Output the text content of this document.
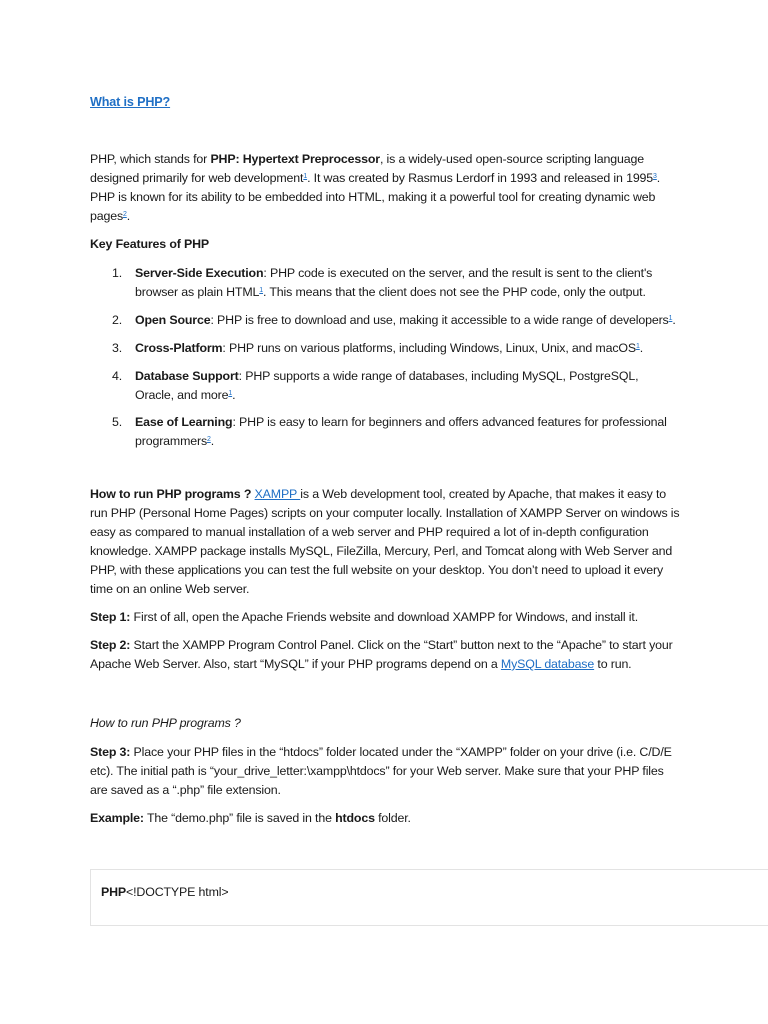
What is PHP?

PHP, which stands for PHP: Hypertext Preprocessor, is a widely-used open-source scripting language designed primarily for web development$^1$. It was created by Rasmus Lerdorf in 1993 and released in 1995$^3$. PHP is known for its ability to be embedded into HTML, making it a powerful tool for creating dynamic web pages$^2$.

Key Features of PHP

1. Server-Side Execution: PHP code is executed on the server, and the result is sent to the client's browser as plain HTML$^1$. This means that the client does not see the PHP code, only the output.
2. Open Source: PHP is free to download and use, making it accessible to a wide range of developers$^1$.
3. Cross-Platform: PHP runs on various platforms, including Windows, Linux, Unix, and macOS$^1$.
4. Database Support: PHP supports a wide range of databases, including MySQL, PostgreSQL, Oracle, and more$^1$.
5. Ease of Learning: PHP is easy to learn for beginners and offers advanced features for professional programmers$^2$.

How to run PHP programs ? XAMPP is a Web development tool, created by Apache, that makes it easy to run PHP (Personal Home Pages) scripts on your computer locally. Installation of XAMPP Server on windows is easy as compared to manual installation of a web server and PHP required a lot of in-depth configuration knowledge. XAMPP package installs MySQL, FileZilla, Mercury, Perl, and Tomcat along with Web Server and PHP, with these applications you can test the full website on your desktop. You don’t need to upload it every time on an online Web server.

Step 1: First of all, open the Apache Friends website and download XAMPP for Windows, and install it.

Step 2: Start the XAMPP Program Control Panel. Click on the “Start” button next to the “Apache” to start your Apache Web Server. Also, start “MySQL” if your PHP programs depend on a MySQL database to run.

How to run PHP programs ?

Step 3: Place your PHP files in the “htdocs” folder located under the “XAMPP” folder on your drive (i.e. C/D/E etc). The initial path is “your_drive_letter:\xampp\htdocs” for your Web server. Make sure that your PHP files are saved as a “.php” file extension.

Example: The “demo.php” file is saved in the htdocs folder.

PHP<!DOCTYPE html>
